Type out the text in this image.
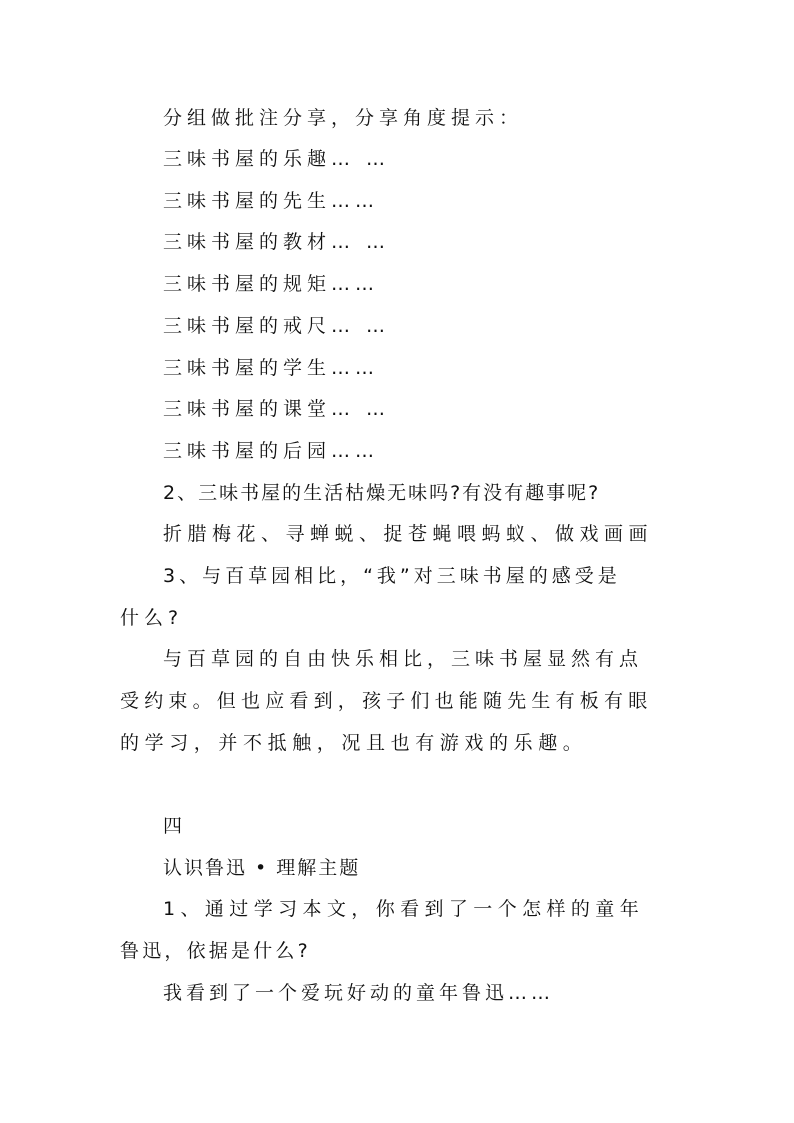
分组做批注分享，分享角度提示：
三味书屋的乐趣… …
三味书屋的先生……
三味书屋的教材… …
三味书屋的规矩……
三味书屋的戒尺… …
三味书屋的学生……
三味书屋的课堂… …
三味书屋的后园……
2、三味书屋的生活枯燥无味吗?有没有趣事呢?
折腊梅花、寻蝉蜕、捉苍蝇喂蚂蚁、做戏画画
3、与百草园相比，“我”对三味书屋的感受是
什么?
与百草园的自由快乐相比，三味书屋显然有点
受约束。但也应看到，孩子们也能随先生有板有眼
的学习，并不抵触，况且也有游戏的乐趣。
四
认识鲁迅 • 理解主题
1、通过学习本文，你看到了一个怎样的童年
鲁迅，依据是什么?
我看到了一个爱玩好动的童年鲁迅……
